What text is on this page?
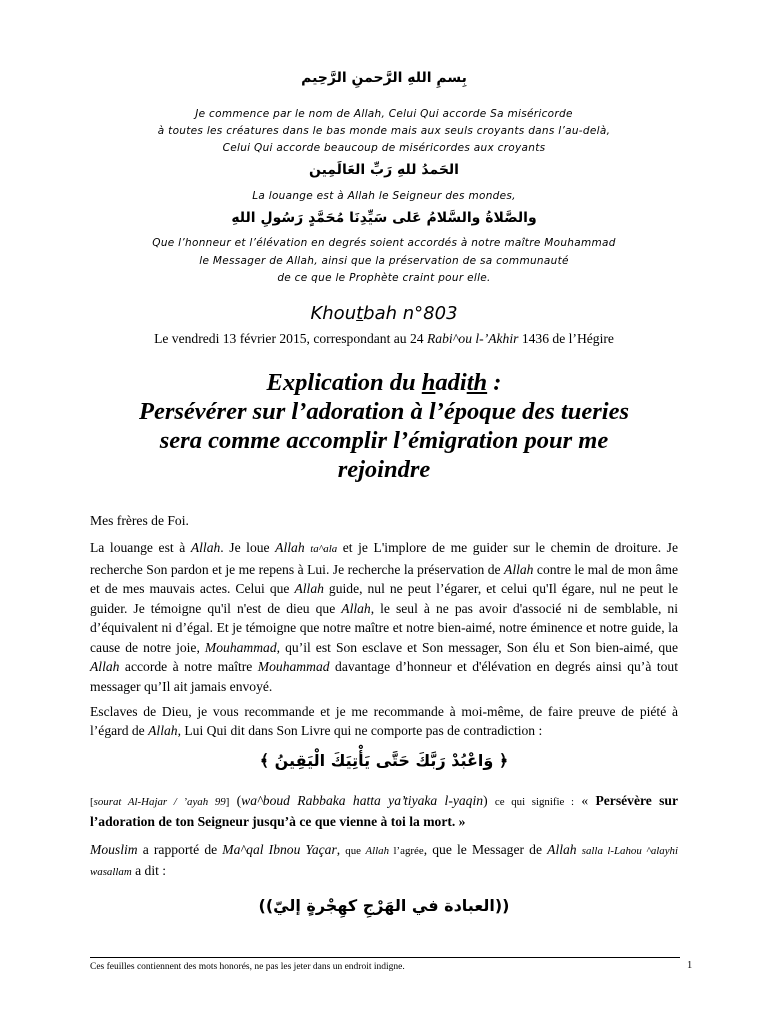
بِسمِ اللهِ الرَّحمنِ الرَّحِيم
Je commence par le nom de Allah, Celui Qui accorde Sa miséricorde
à toutes les créatures dans le bas monde mais aux seuls croyants dans l’au-delà,
Celui Qui accorde beaucoup de miséricordes aux croyants
الحَمدُ للهِ رَبِّ العَالَمِين
La louange est à Allah le Seigneur des mondes,
والصَّلاةُ والسَّلامُ عَلى سَيِّدِنَا مُحَمَّدٍ رَسُولِ اللهِ
Que l’honneur et l’élévation en degrés soient accordés à notre maître Mouhammad
le Messager de Allah, ainsi que la préservation de sa communauté
de ce que le Prophète craint pour elle.
Khoutbah n°803
Le vendredi 13 février 2015, correspondant au 24 Rabi^ou l-’Akhir 1436 de l’Hégire
Explication du hadith :
Persévérer sur l’adoration à l’époque des tueries
sera comme accomplir l’émigration pour me
rejoindre

Mes frères de Foi.

La louange est à Allah. Je loue Allah ta^ala et je L'implore de me guider sur le chemin de droiture. Je recherche Son pardon et je me repens à Lui. Je recherche la préservation de Allah contre le mal de mon âme et de mes mauvais actes. Celui que Allah guide, nul ne peut l’égarer, et celui qu'Il égare, nul ne peut le guider. Je témoigne qu'il n'est de dieu que Allah, le seul à ne pas avoir d'associé ni de semblable, ni d’équivalent ni d’égal. Et je témoigne que notre maître et notre bien-aimé, notre éminence et notre guide, la cause de notre joie, Mouhammad, qu’il est Son esclave et Son messager, Son élu et Son bien-aimé, que Allah accorde à notre maître Mouhammad davantage d’honneur et d'élévation en degrés ainsi qu’à tout messager qu’Il ait jamais envoyé.

Esclaves de Dieu, je vous recommande et je me recommande à moi-même, de faire preuve de piété à l’égard de Allah, Lui Qui dit dans Son Livre qui ne comporte pas de contradiction :

﴿ وَاعْبُدْ رَبَّكَ حَتَّى يَأْتِيَكَ الْيَقِينُ ﴾

[sourat Al-Hajar / ’ayah 99] (wa^boud Rabbaka hatta ya’tiyaka l-yaqin) ce qui signifie : « Persévère sur l’adoration de ton Seigneur jusqu’à ce que vienne à toi la mort. »

Mouslim a rapporté de Ma^qal Ibnou Yaçar, que Allah l’agrée, que le Messager de Allah salla l-Lahou ^alayhi wasallam a dit :

((العبادة في الهَرْجِ كهِجْرةٍ إليّ))

Ces feuilles contiennent des mots honorés, ne pas les jeter dans un endroit indigne.	1
